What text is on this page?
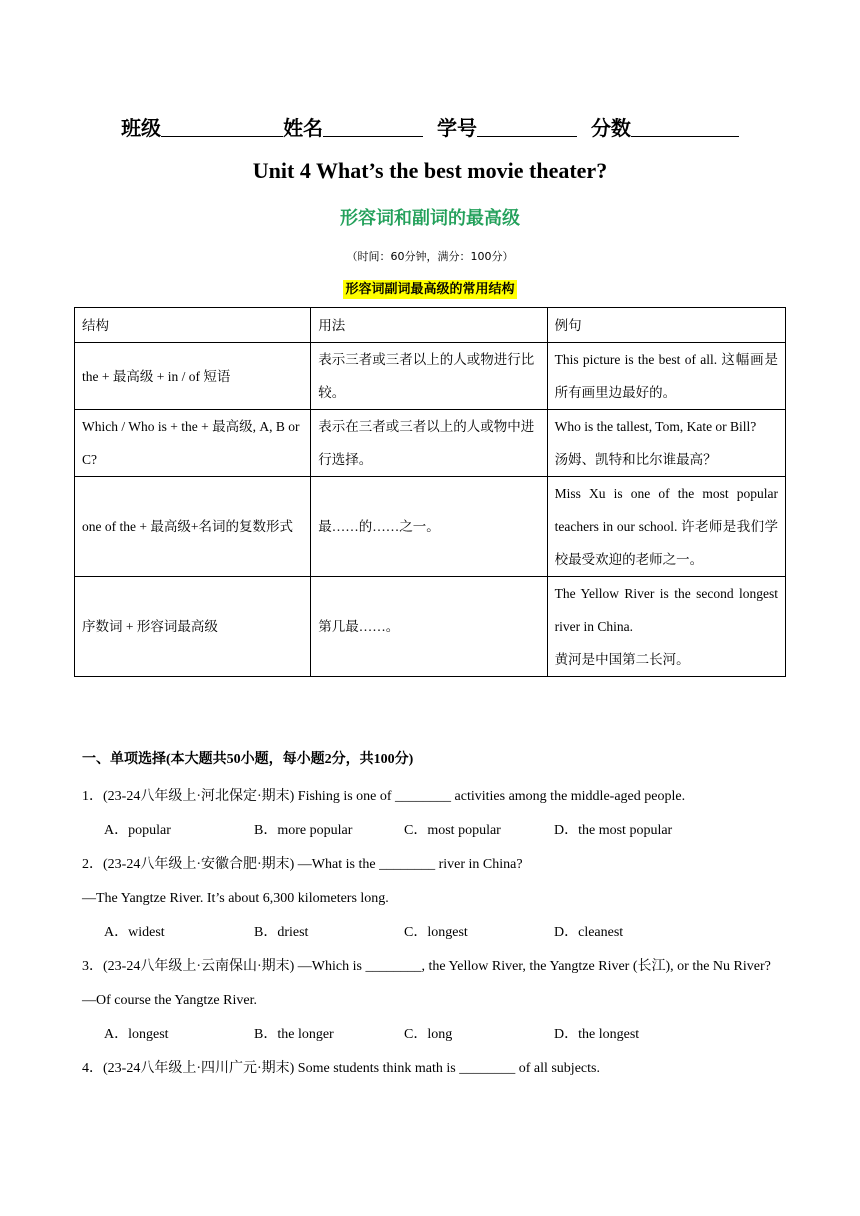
班级	姓名	学号	分数
Unit 4 What’s the best movie theater?
形容词和副词的最高级
（时间：60分钟，满分：100分）
形容词副词最高级的常用结构
结构	用法	例句
the + 最高级 + in / of 短语	表示三者或三者以上的人或物进行比较。	This picture is the best of all. 这幅画是所有画里边最好的。
Which / Who is + the + 最高级, A, B or C?	表示在三者或三者以上的人或物中进行选择。	Who is the tallest, Tom, Kate or Bill?
汤姆、凯特和比尔谁最高？
one of the + 最高级+名词的复数形式	最……的……之一。	Miss Xu is one of the most popular teachers in our school. 许老师是我们学校最受欢迎的老师之一。
序数词 + 形容词最高级	第几最……。	The Yellow River is the second longest river in China.
黄河是中国第二长河。
一、单项选择(本大题共50小题，每小题2分，共100分)
1．(23-24八年级上·河北保定·期末) Fishing is one of ________ activities among the middle-aged people.
A．popular	B．more popular	C．most popular	D．the most popular
2．(23-24八年级上·安徽合肥·期末) —What is the ________ river in China?
—The Yangtze River. It’s about 6,300 kilometers long.
A．widest	B．driest	C．longest	D．cleanest
3．(23-24八年级上·云南保山·期末) —Which is ________, the Yellow River, the Yangtze River (长江), or the Nu River?
—Of course the Yangtze River.
A．longest	B．the longer	C．long	D．the longest
4．(23-24八年级上·四川广元·期末) Some students think math is ________ of all subjects.
